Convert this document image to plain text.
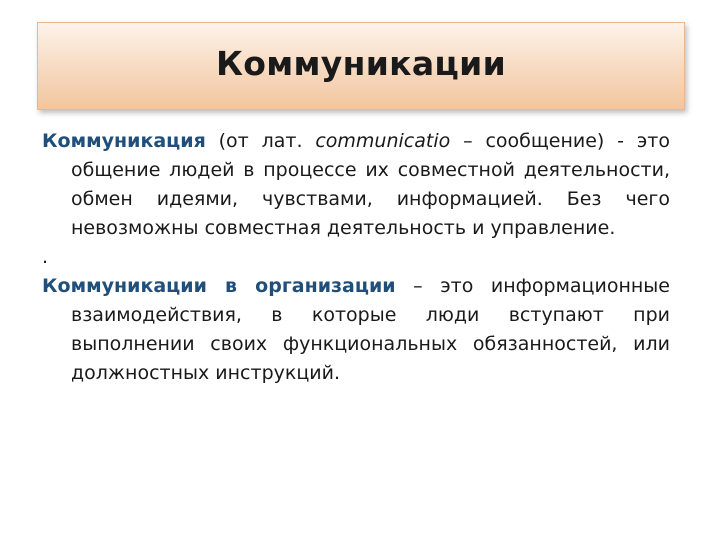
Коммуникации

Коммуникация (от лат. communicatio – сообщение) - это общение людей в процессе их совместной деятельности, обмен идеями, чувствами, информацией. Без чего невозможны совместная деятельность и управление.

.

Коммуникации в организации – это информационные взаимодействия, в которые люди вступают при выполнении своих функциональных обязанностей, или должностных инструкций.
